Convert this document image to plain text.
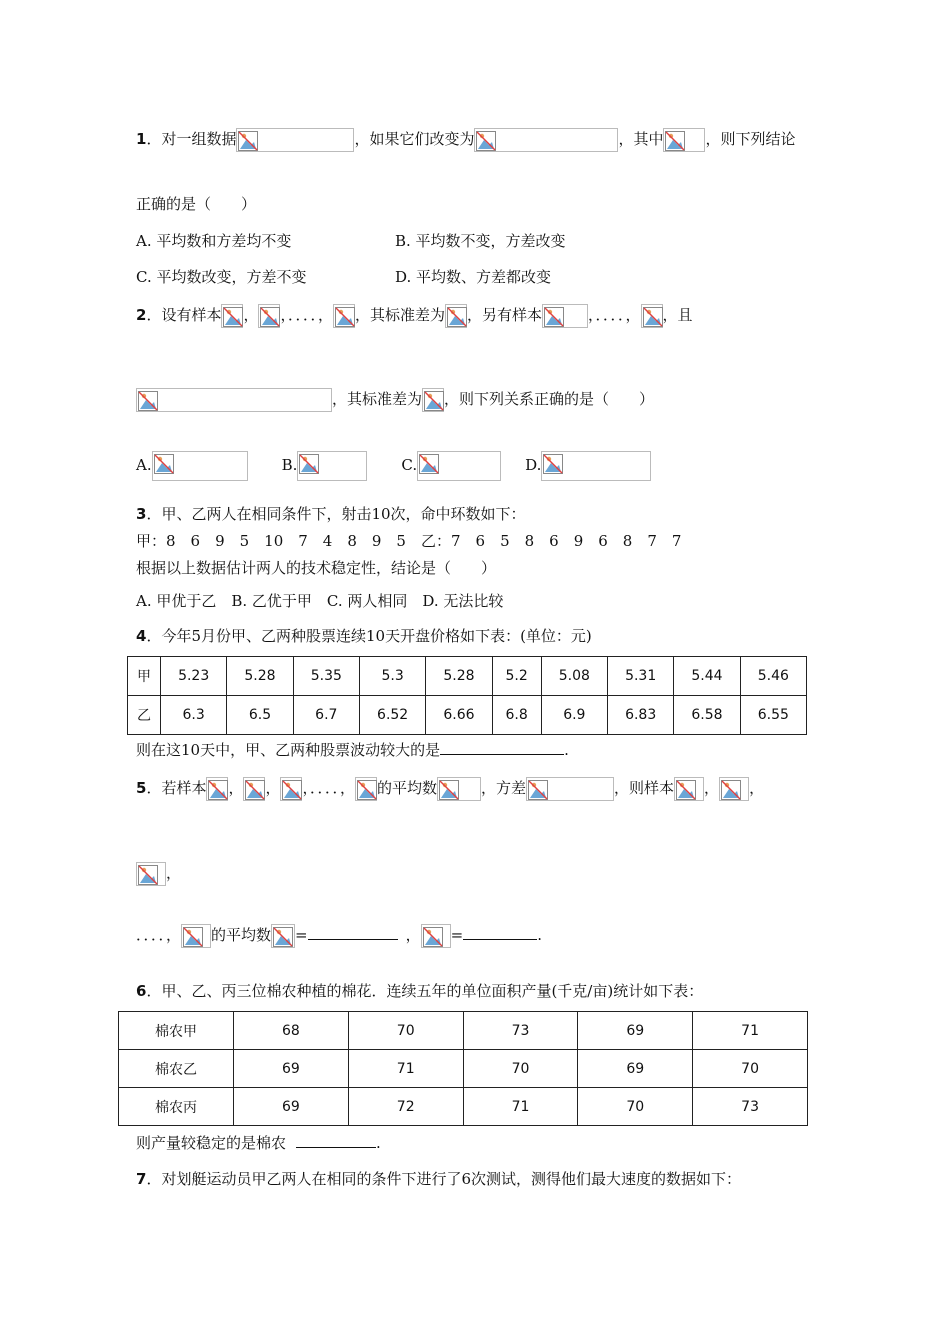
1．对一组数据	，如果它们改变为	，其中	，则下列结论
正确的是（　　）
A. 平均数和方差均不变	B. 平均数不变，方差改变
C. 平均数改变，方差不变	D. 平均数、方差都改变
2．设有样本 ， ，．．．．， ，其标准差为 ，另有样本	，．．．．， ，且
，其标准差为 ，则下列关系正确的是（　　）
A.	B.	C.	D.
3．甲、乙两人在相同条件下，射击10次，命中环数如下：
甲：8　6　9　5　10　7　4　8　9　5　乙：7　6　5　8　6　9　6　8　7　7
根据以上数据估计两人的技术稳定性，结论是（　　）
A. 甲优于乙　B. 乙优于甲　C. 两人相同　D. 无法比较
4．今年5月份甲、乙两种股票连续10天开盘价格如下表：(单位：元)
甲	5.23	5.28	5.35	5.3	5.28	5.2	5.08	5.31	5.44	5.46
乙	6.3	6.5	6.7	6.52	6.66	6.8	6.9	6.83	6.58	6.55
则在这10天中，甲、乙两种股票波动较大的是	.
5．若样本 ， ， ，．．．．， 的平均数	，方差	，则样本 ， ，
，
．．．．， 的平均数 =	， =	.
6．甲、乙、丙三位棉农种植的棉花．连续五年的单位面积产量(千克/亩)统计如下表：
棉农甲	68	70	73	69	71
棉农乙	69	71	70	69	70
棉农丙	69	72	71	70	73
则产量较稳定的是棉农	.
7．对划艇运动员甲乙两人在相同的条件下进行了6次测试，测得他们最大速度的数据如下：
